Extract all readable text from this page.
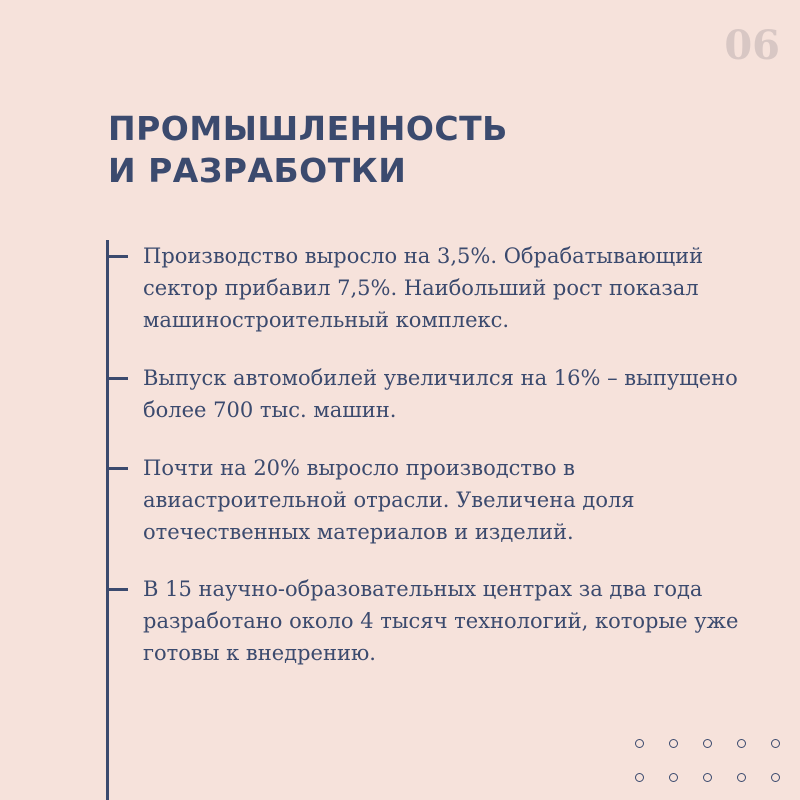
06
ПРОМЫШЛЕННОСТЬ
И РАЗРАБОТКИ
Производство выросло на 3,5%. Обрабатывающий сектор прибавил 7,5%. Наибольший рост показал машиностроительный комплекс.
Выпуск автомобилей увеличился на 16% – выпущено более 700 тыс. машин.
Почти на 20% выросло производство в авиастроительной отрасли. Увеличена доля отечественных материалов и изделий.
В 15 научно-образовательных центрах за два года разработано около 4 тысяч технологий, которые уже готовы к внедрению.
